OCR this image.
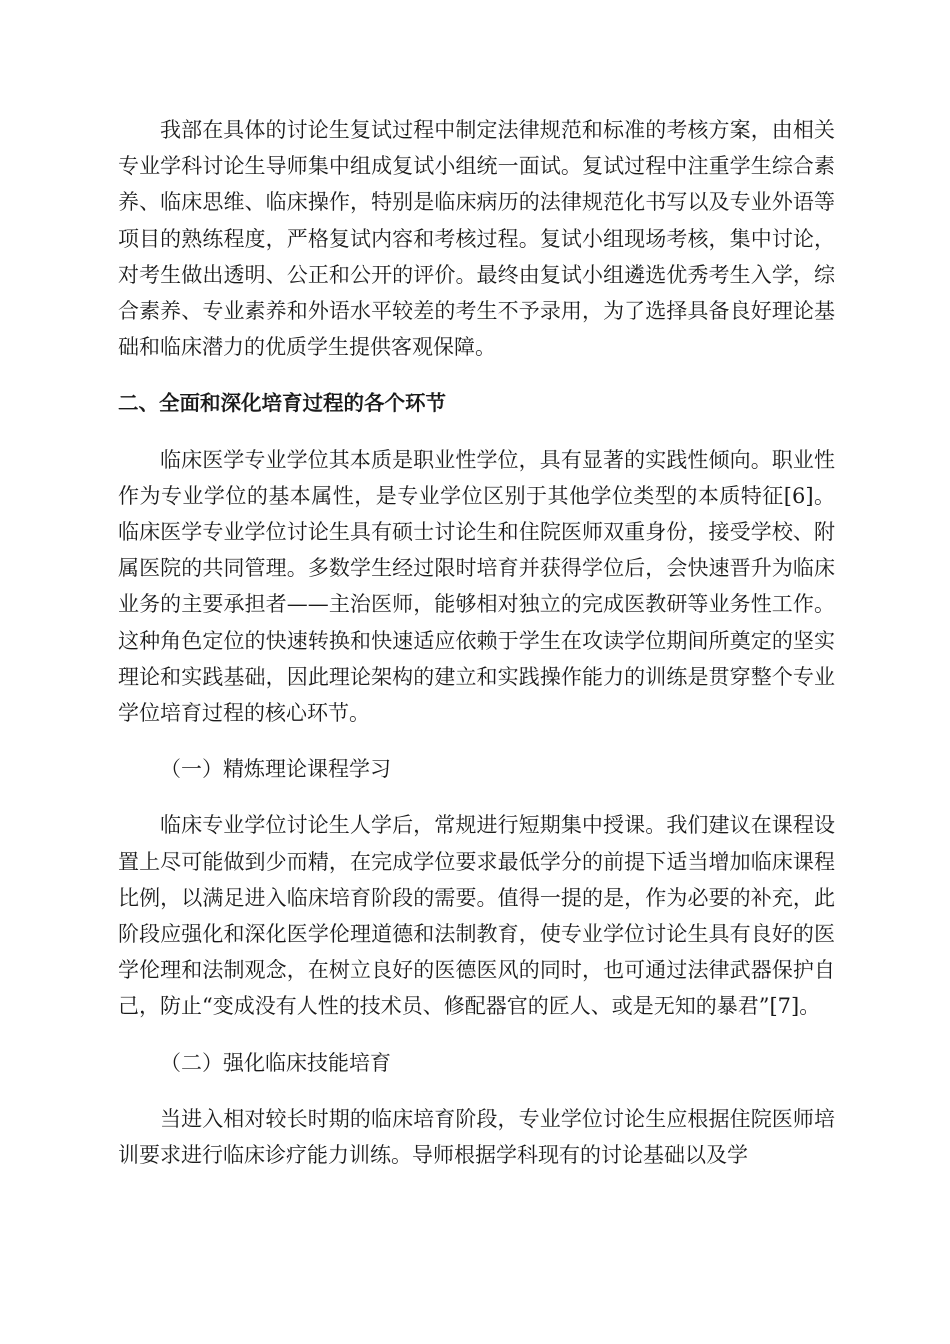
我部在具体的讨论生复试过程中制定法律规范和标准的考核方案，由相关专业学科讨论生导师集中组成复试小组统一面试。复试过程中注重学生综合素养、临床思维、临床操作，特别是临床病历的法律规范化书写以及专业外语等项目的熟练程度，严格复试内容和考核过程。复试小组现场考核，集中讨论，对考生做出透明、公正和公开的评价。最终由复试小组遴选优秀考生入学，综合素养、专业素养和外语水平较差的考生不予录用，为了选择具备良好理论基础和临床潜力的优质学生提供客观保障。

二、全面和深化培育过程的各个环节

临床医学专业学位其本质是职业性学位，具有显著的实践性倾向。职业性作为专业学位的基本属性，是专业学位区别于其他学位类型的本质特征[6]。临床医学专业学位讨论生具有硕士讨论生和住院医师双重身份，接受学校、附属医院的共同管理。多数学生经过限时培育并获得学位后，会快速晋升为临床业务的主要承担者——主治医师，能够相对独立的完成医教研等业务性工作。这种角色定位的快速转换和快速适应依赖于学生在攻读学位期间所奠定的坚实理论和实践基础，因此理论架构的建立和实践操作能力的训练是贯穿整个专业学位培育过程的核心环节。

（一）精炼理论课程学习

临床专业学位讨论生人学后，常规进行短期集中授课。我们建议在课程设置上尽可能做到少而精，在完成学位要求最低学分的前提下适当增加临床课程比例，以满足进入临床培育阶段的需要。值得一提的是，作为必要的补充，此阶段应强化和深化医学伦理道德和法制教育，使专业学位讨论生具有良好的医学伦理和法制观念，在树立良好的医德医风的同时，也可通过法律武器保护自己，防止“变成没有人性的技术员、修配器官的匠人、或是无知的暴君”[7]。

（二）强化临床技能培育

当进入相对较长时期的临床培育阶段，专业学位讨论生应根据住院医师培训要求进行临床诊疗能力训练。导师根据学科现有的讨论基础以及学
